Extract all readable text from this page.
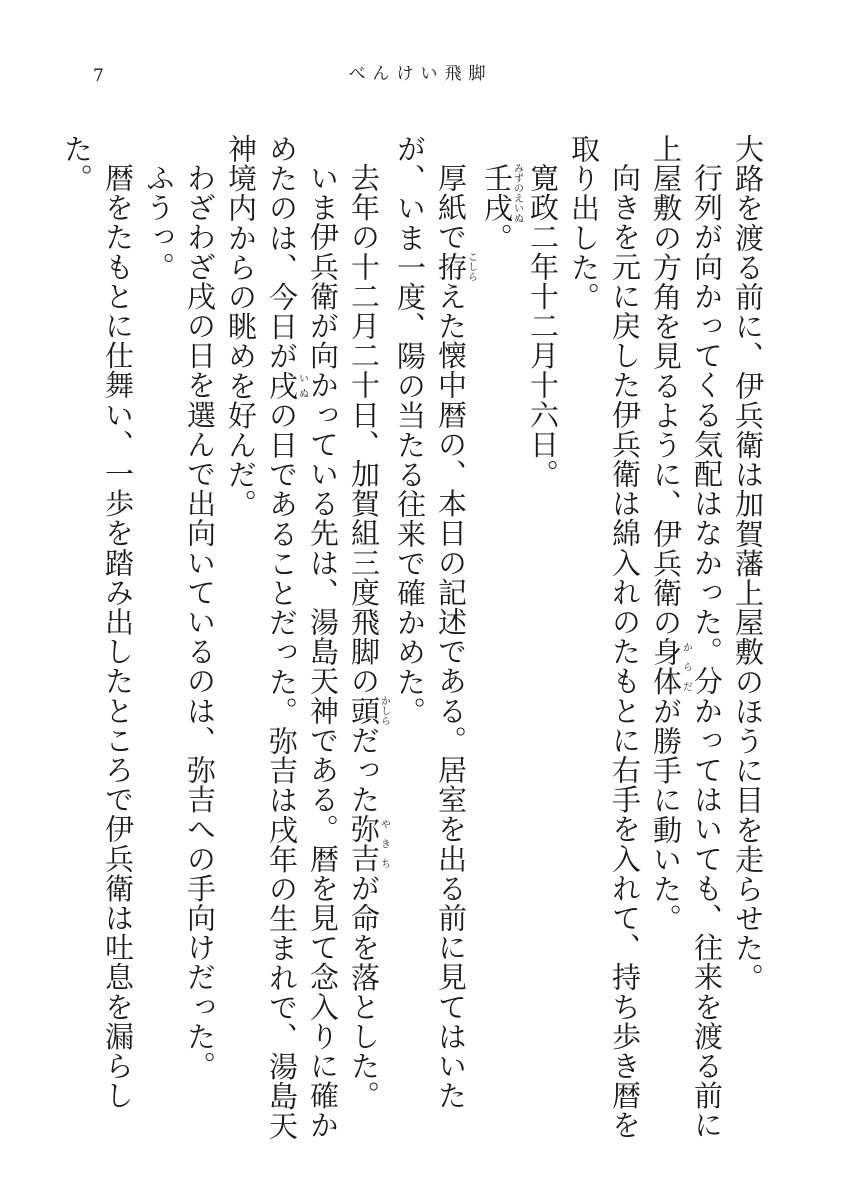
7	べんけい飛脚

大路を渡る前に、伊兵衛は加賀藩上屋敷のほうに目を走らせた。

行列が向かってくる気配はなかった。分かってはいても、往来を渡る前に上屋敷の方角を見るように、伊兵衛の身体からだが勝手に動いた。

向きを元に戻した伊兵衛は綿入れのたもとに右手を入れて、持ち歩き暦を取り出した。

寛政二年十二月十六日。

壬戌みずのえいぬ。

厚紙で拵こしらえた懐中暦の、本日の記述である。居室を出る前に見てはいたが、いま一度、陽の当たる往来で確かめた。

去年の十二月二十日、加賀組三度飛脚の頭かしらだった弥吉やきちが命を落とした。

いま伊兵衛が向かっている先は、湯島天神である。暦を見て念入りに確かめたのは、今日が戌いぬの日であることだった。弥吉は戌年の生まれで、湯島天神境内からの眺めを好んだ。

わざわざ戌の日を選んで出向いているのは、弥吉への手向けだった。

ふうっ。

暦をたもとに仕舞い、一歩を踏み出したところで伊兵衛は吐息を漏らした。
